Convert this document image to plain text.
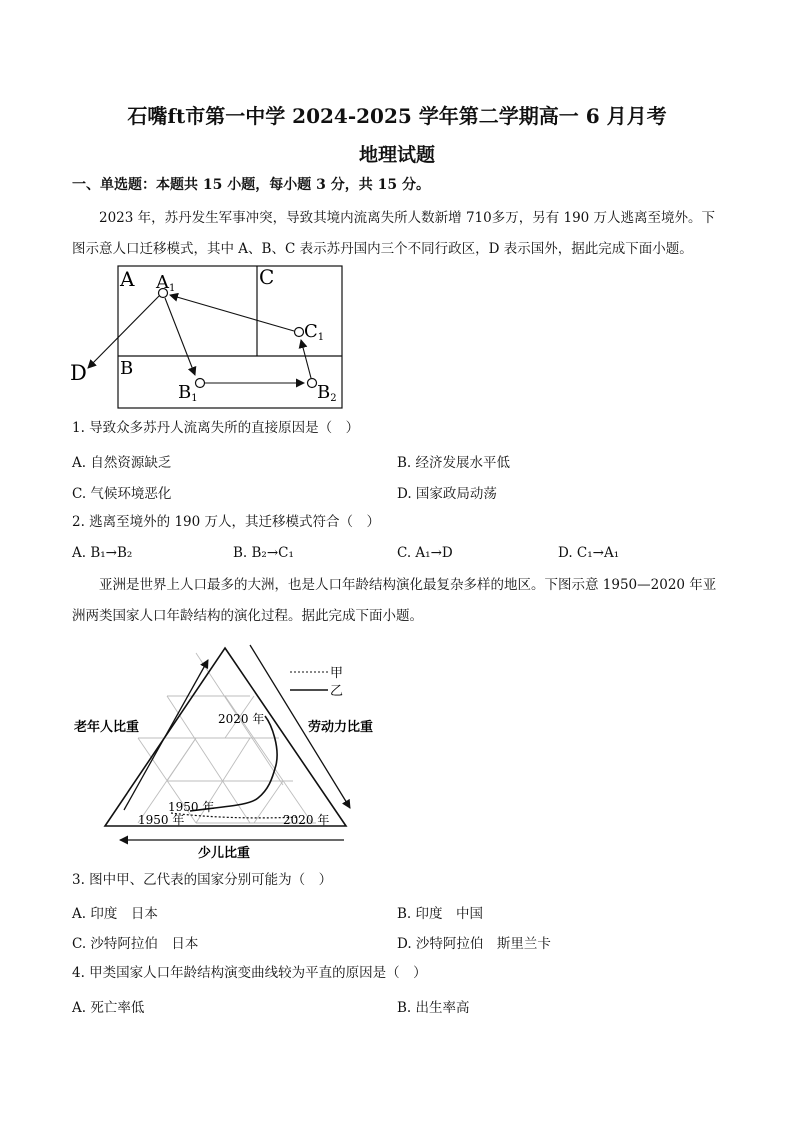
石嘴ft市第一中学 2024-2025 学年第二学期高一 6 月月考
地理试题
一、单选题：本题共 15 小题，每小题 3 分，共 15 分。
2023 年，苏丹发生军事冲突，导致其境内流离失所人数新增 710多万，另有 190 万人逃离至境外。下
图示意人口迁移模式，其中 A、B、C 表示苏丹国内三个不同行政区，D 表示国外，据此完成下面小题。
A
B
C
D
A1
B1	B2
C1
1. 导致众多苏丹人流离失所的直接原因是（　）
A. 自然资源缺乏	B. 经济发展水平低
C. 气候环境恶化	D. 国家政局动荡
2. 逃离至境外的 190 万人，其迁移模式符合（　）
A. B₁→B₂	B. B₂→C₁	C. A₁→D	D. C₁→A₁
亚洲是世界上人口最多的大洲，也是人口年龄结构演化最复杂多样的地区。下图示意 1950—2020 年亚
洲两类国家人口年龄结构的演化过程。据此完成下面小题。
甲
乙
老年人比重	劳动力比重
少儿比重
2020 年
1950 年
1950 年	2020 年
3. 图中甲、乙代表的国家分别可能为（　）
A. 印度　日本	B. 印度　中国
C. 沙特阿拉伯　日本	D. 沙特阿拉伯　斯里兰卡
4. 甲类国家人口年龄结构演变曲线较为平直的原因是（　）
A. 死亡率低	B. 出生率高
